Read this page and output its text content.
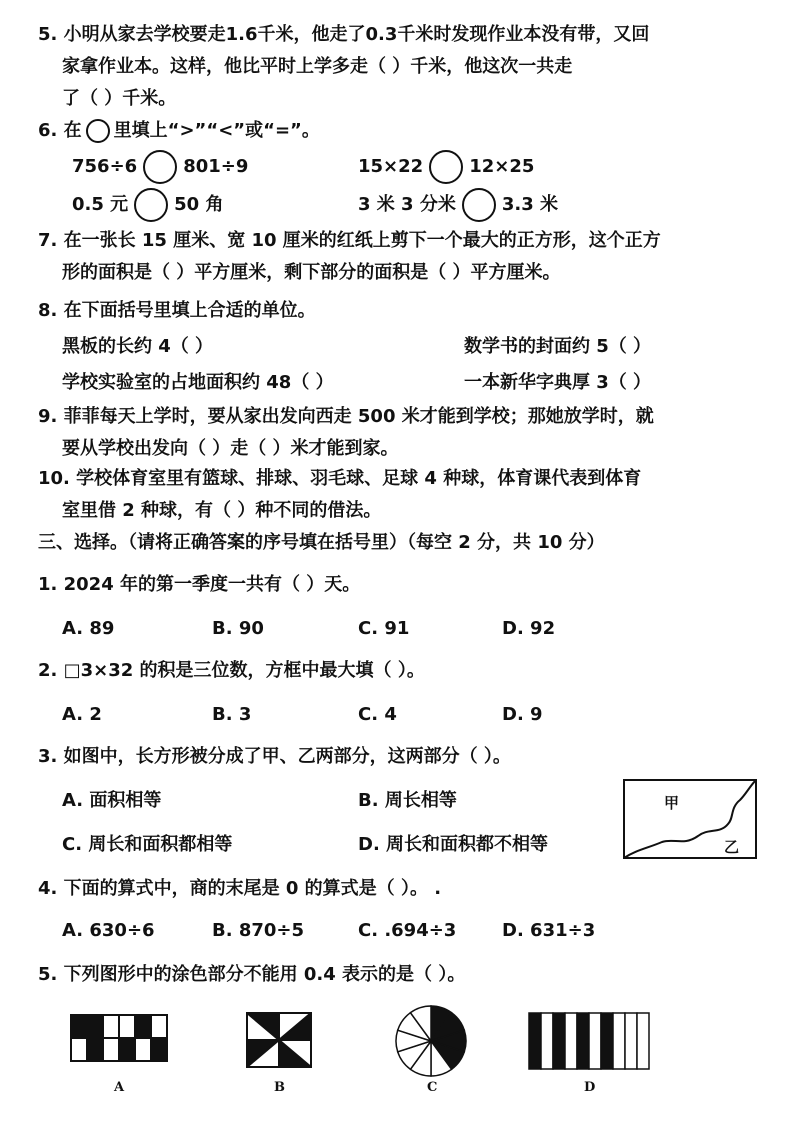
5. 小明从家去学校要走1.6千米，他走了0.3千米时发现作业本没有带，又回
家拿作业本。这样，他比平时上学多走（ ）千米，他这次一共走
了（ ）千米。
6. 在 里填上“>”“<”或“=”。
756÷6	801÷9	15×22	12×25
0.5 元	50 角	3 米 3 分米	3.3 米
7. 在一张长 15 厘米、宽 10 厘米的红纸上剪下一个最大的正方形，这个正方
形的面积是（ ）平方厘米，剩下部分的面积是（ ）平方厘米。
8. 在下面括号里填上合适的单位。
黑板的长约 4（ ）	数学书的封面约 5（ ）
学校实验室的占地面积约 48（ ）	一本新华字典厚 3（ ）
9. 菲菲每天上学时，要从家出发向西走 500 米才能到学校；那她放学时，就
要从学校出发向（ ）走（ ）米才能到家。
10. 学校体育室里有篮球、排球、羽毛球、足球 4 种球，体育课代表到体育
室里借 2 种球，有（ ）种不同的借法。
三、选择。（请将正确答案的序号填在括号里）（每空 2 分，共 10 分）
1. 2024 年的第一季度一共有（ ）天。
A. 89	B. 90	C. 91	D. 92
2. □3×32 的积是三位数，方框中最大填（ ）。
A. 2	B. 3	C. 4	D. 9
3. 如图中，长方形被分成了甲、乙两部分，这两部分（ ）。
A. 面积相等	B. 周长相等
C. 周长和面积都相等	D. 周长和面积都不相等
甲
乙
4. 下面的算式中，商的末尾是 0 的算式是（ ）。 .
A. 630÷6	B. 870÷5	C. .694÷3	D. 631÷3
5. 下列图形中的涂色部分不能用 0.4 表示的是（ ）。
A	B	C	D
